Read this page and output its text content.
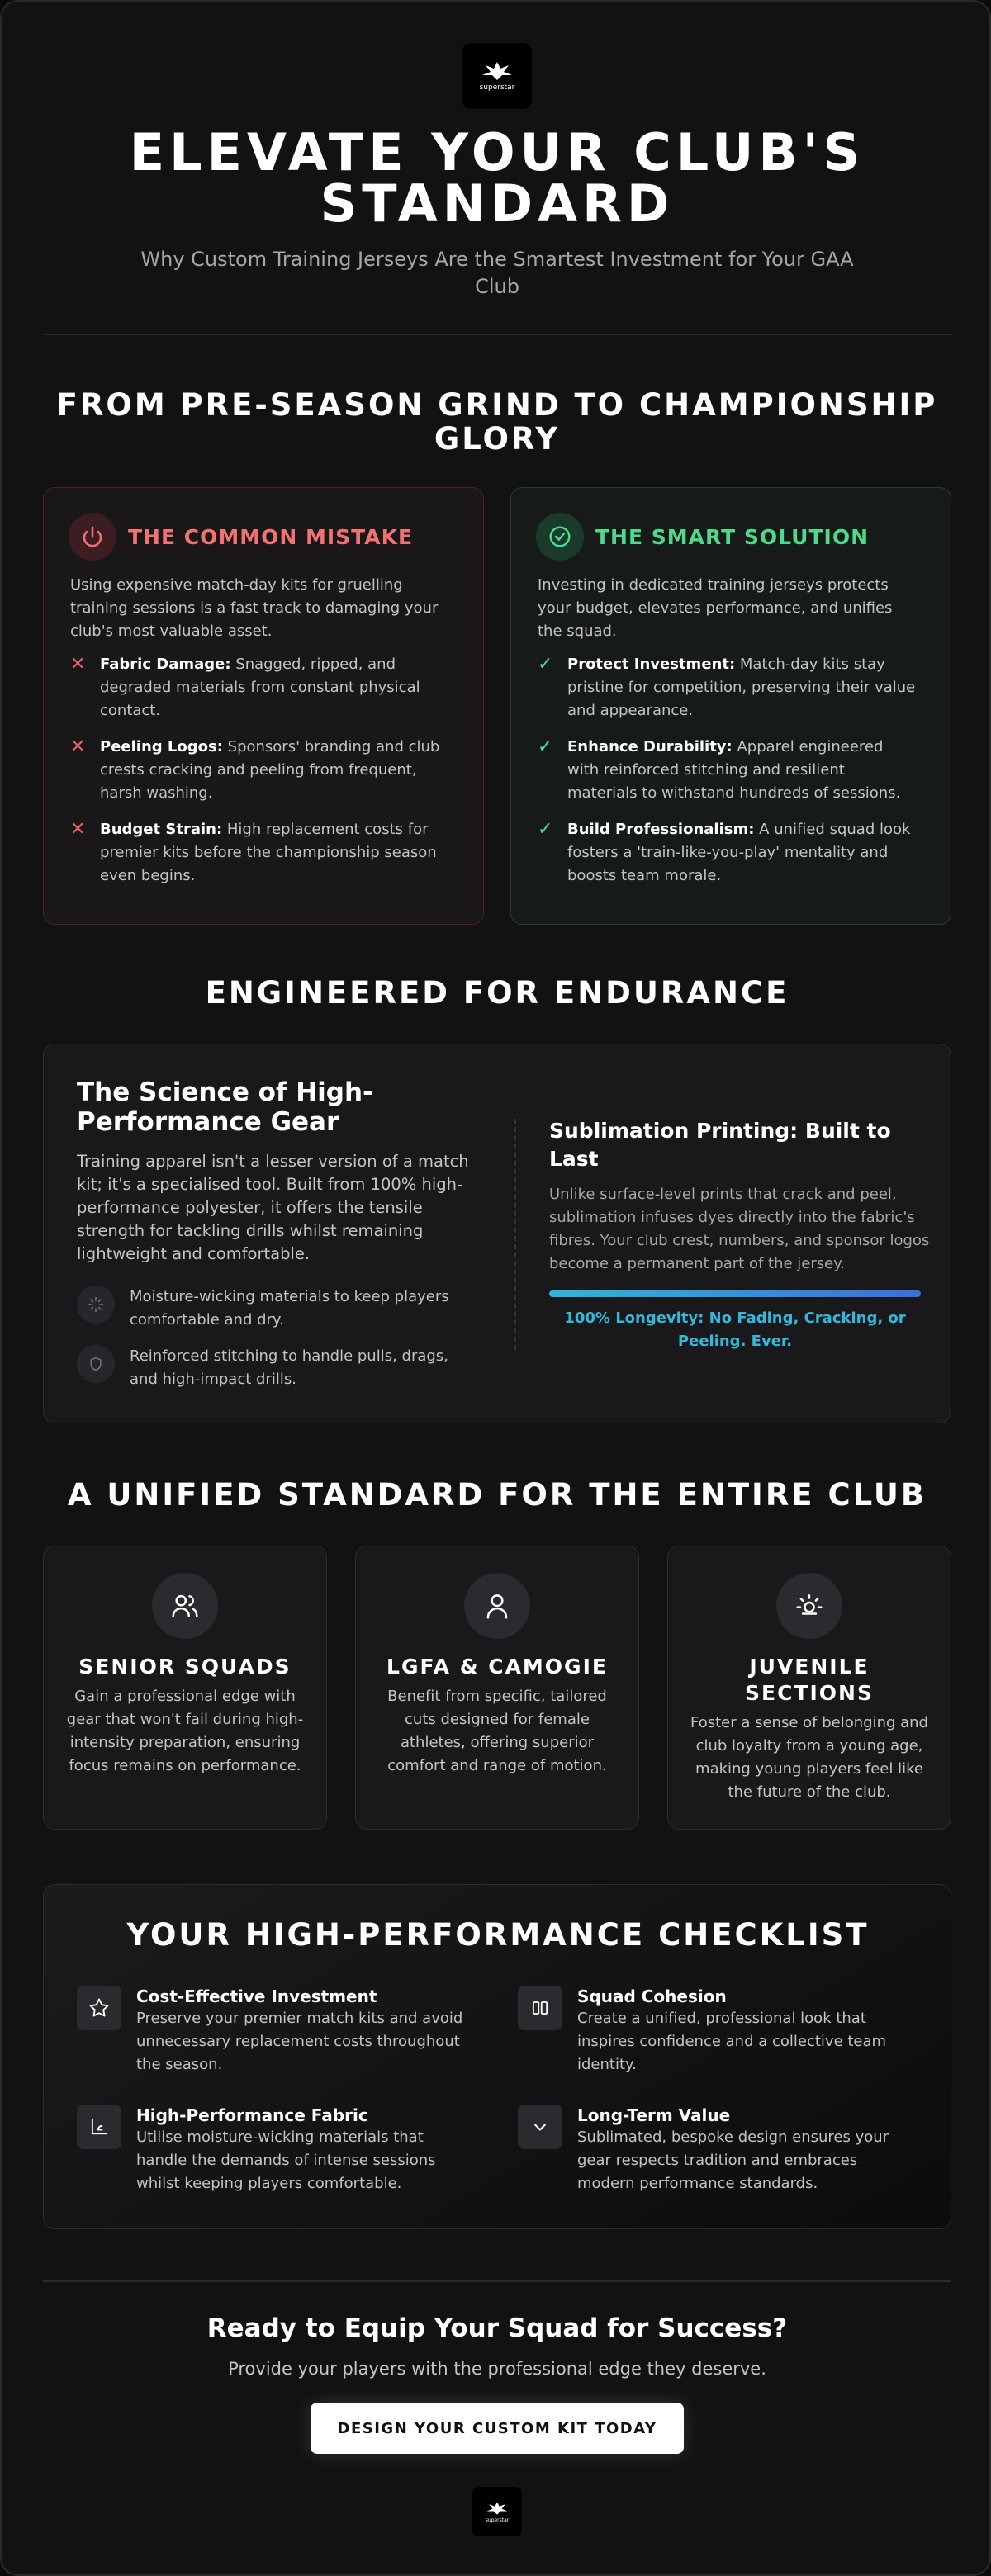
superstar
ELEVATE YOUR CLUB'S STANDARD

Why Custom Training Jerseys Are the Smartest Investment for Your GAA Club

FROM PRE-SEASON GRIND TO CHAMPIONSHIP GLORY
THE COMMON MISTAKE

Using expensive match-day kits for gruelling training sessions is a fast track to damaging your club's most valuable asset.

✕ Fabric Damage: Snagged, ripped, and degraded materials from constant physical contact.
✕ Peeling Logos: Sponsors' branding and club crests cracking and peeling from frequent, harsh washing.
✕ Budget Strain: High replacement costs for premier kits before the championship season even begins.
THE SMART SOLUTION

Investing in dedicated training jerseys protects your budget, elevates performance, and unifies the squad.

✓ Protect Investment: Match-day kits stay pristine for competition, preserving their value and appearance.
✓ Enhance Durability: Apparel engineered with reinforced stitching and resilient materials to withstand hundreds of sessions.
✓ Build Professionalism: A unified squad look fosters a 'train-like-you-play' mentality and boosts team morale.
ENGINEERED FOR ENDURANCE
The Science of High-Performance Gear

Training apparel isn't a lesser version of a match kit; it's a specialised tool. Built from 100% high-performance polyester, it offers the tensile strength for tackling drills whilst remaining lightweight and comfortable.

Moisture-wicking materials to keep players comfortable and dry.
Reinforced stitching to handle pulls, drags, and high-impact drills.
Sublimation Printing: Built to Last

Unlike surface-level prints that crack and peel, sublimation infuses dyes directly into the fabric's fibres. Your club crest, numbers, and sponsor logos become a permanent part of the jersey.

100% Longevity: No Fading, Cracking, or Peeling. Ever.

A UNIFIED STANDARD FOR THE ENTIRE CLUB
SENIOR SQUADS

Gain a professional edge with gear that won't fail during high-intensity preparation, ensuring focus remains on performance.

LGFA & CAMOGIE

Benefit from specific, tailored cuts designed for female athletes, offering superior comfort and range of motion.

JUVENILE SECTIONS

Foster a sense of belonging and club loyalty from a young age, making young players feel like the future of the club.

YOUR HIGH-PERFORMANCE CHECKLIST
Cost-Effective Investment
Preserve your premier match kits and avoid unnecessary replacement costs throughout the season.
Squad Cohesion
Create a unified, professional look that inspires confidence and a collective team identity.
High-Performance Fabric
Utilise moisture-wicking materials that handle the demands of intense sessions whilst keeping players comfortable.
Long-Term Value
Sublimated, bespoke design ensures your gear respects tradition and embraces modern performance standards.
Ready to Equip Your Squad for Success?

Provide your players with the professional edge they deserve.

DESIGN YOUR CUSTOM KIT TODAY
superstar
